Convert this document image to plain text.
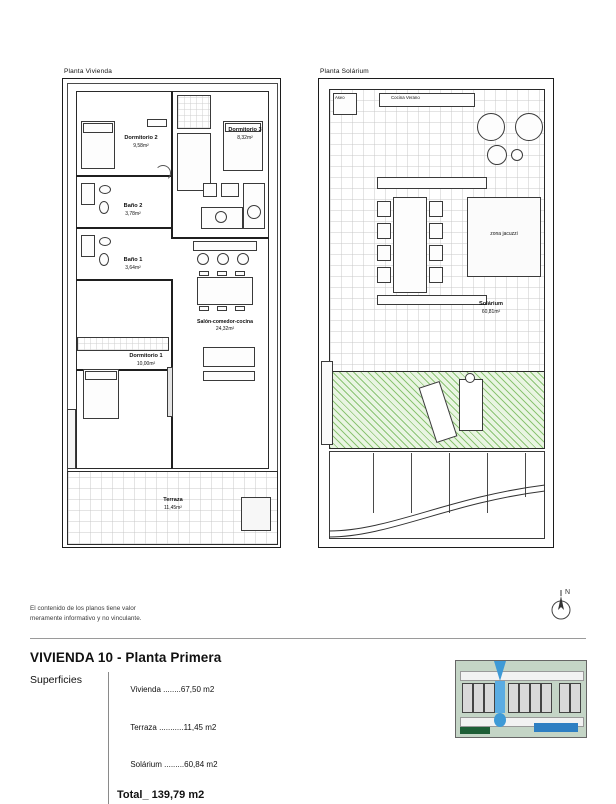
Planta Vivienda
Dormitorio 2
9,58m²
Dormitorio 3
8,32m²
Baño 2
3,78m²
Baño 1
3,64m²
Dormitorio 1
10,00m²
Salón-comedor-cocina
24,32m²
Terraza
11,45m²
Planta Solárium
Aseo	Cocina Verano
zona jacuzzi
Solárium
60,81m²
N
El contenido de los planos tiene valor
meramente informativo y no vinculante.
VIVIENDA 10 - Planta Primera
Superficies

Vivienda ........67,50 m2

Terraza ...........11,45 m2

Solárium .........60,84 m2

Total_ 139,79 m2
